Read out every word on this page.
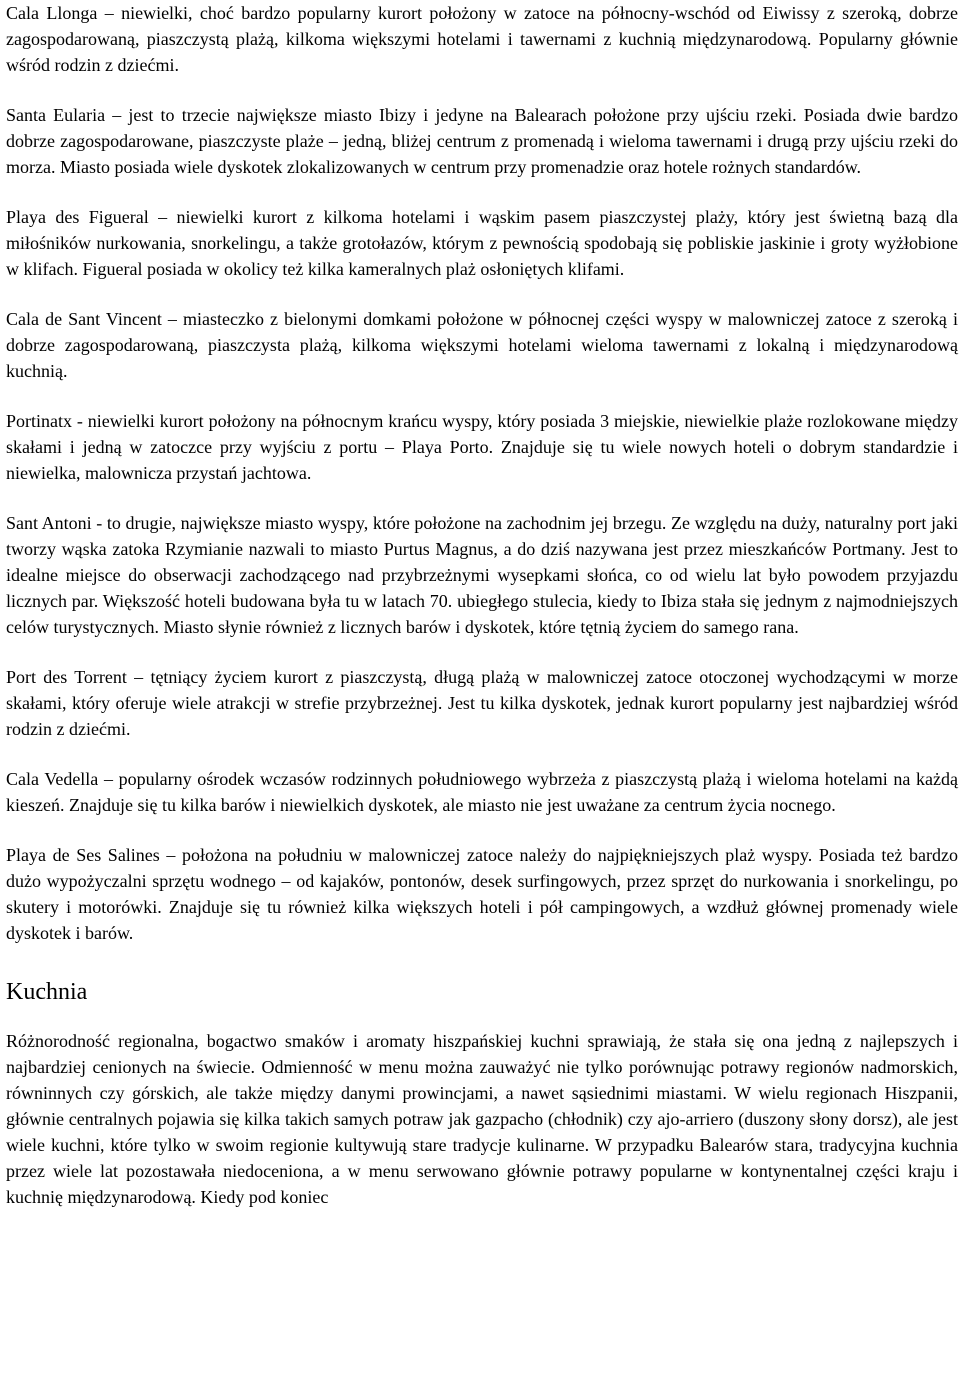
Cala Llonga – niewielki, choć bardzo popularny kurort położony w zatoce na północny-wschód od Eiwissy z szeroką, dobrze zagospodarowaną, piaszczystą plażą, kilkoma większymi hotelami i tawernami z kuchnią międzynarodową. Popularny głównie wśród rodzin z dziećmi.

Santa Eularia – jest to trzecie największe miasto Ibizy i jedyne na Balearach położone przy ujściu rzeki. Posiada dwie bardzo dobrze zagospodarowane, piaszczyste plaże – jedną, bliżej centrum z promenadą i wieloma tawernami i drugą przy ujściu rzeki do morza. Miasto posiada wiele dyskotek zlokalizowanych w centrum przy promenadzie oraz hotele rożnych standardów.

Playa des Figueral – niewielki kurort z kilkoma hotelami i wąskim pasem piaszczystej plaży, który jest świetną bazą dla miłośników nurkowania, snorkelingu, a także grotołazów, którym z pewnością spodobają się pobliskie jaskinie i groty wyżłobione w klifach. Figueral posiada w okolicy też kilka kameralnych plaż osłoniętych klifami.

Cala de Sant Vincent – miasteczko z bielonymi domkami położone w północnej części wyspy w malowniczej zatoce z szeroką i dobrze zagospodarowaną, piaszczysta plażą, kilkoma większymi hotelami wieloma tawernami z lokalną i międzynarodową kuchnią.

Portinatx - niewielki kurort położony na północnym krańcu wyspy, który posiada 3 miejskie, niewielkie plaże rozlokowane między skałami i jedną w zatoczce przy wyjściu z portu – Playa Porto. Znajduje się tu wiele nowych hoteli o dobrym standardzie i niewielka, malownicza przystań jachtowa.

Sant Antoni - to drugie, największe miasto wyspy, które położone na zachodnim jej brzegu. Ze względu na duży, naturalny port jaki tworzy wąska zatoka Rzymianie nazwali to miasto Purtus Magnus, a do dziś nazywana jest przez mieszkańców Portmany. Jest to idealne miejsce do obserwacji zachodzącego nad przybrzeżnymi wysepkami słońca, co od wielu lat było powodem przyjazdu licznych par. Większość hoteli budowana była tu w latach 70. ubiegłego stulecia, kiedy to Ibiza stała się jednym z najmodniejszych celów turystycznych. Miasto słynie również z licznych barów i dyskotek, które tętnią życiem do samego rana.

Port des Torrent – tętniący życiem kurort z piaszczystą, długą plażą w malowniczej zatoce otoczonej wychodzącymi w morze skałami, który oferuje wiele atrakcji w strefie przybrzeżnej. Jest tu kilka dyskotek, jednak kurort popularny jest najbardziej wśród rodzin z dziećmi.

Cala Vedella – popularny ośrodek wczasów rodzinnych południowego wybrzeża z piaszczystą plażą i wieloma hotelami na każdą kieszeń. Znajduje się tu kilka barów i niewielkich dyskotek, ale miasto nie jest uważane za centrum życia nocnego.

Playa de Ses Salines – położona na południu w malowniczej zatoce należy do najpiękniejszych plaż wyspy. Posiada też bardzo dużo wypożyczalni sprzętu wodnego – od kajaków, pontonów, desek surfingowych, przez sprzęt do nurkowania i snorkelingu, po skutery i motorówki. Znajduje się tu również kilka większych hoteli i pół campingowych, a wzdłuż głównej promenady wiele dyskotek i barów.

Kuchnia

Różnorodność regionalna, bogactwo smaków i aromaty hiszpańskiej kuchni sprawiają, że stała się ona jedną z najlepszych i najbardziej cenionych na świecie. Odmienność w menu można zauważyć nie tylko porównując potrawy regionów nadmorskich, równinnych czy górskich, ale także między danymi prowincjami, a nawet sąsiednimi miastami. W wielu regionach Hiszpanii, głównie centralnych pojawia się kilka takich samych potraw jak gazpacho (chłodnik) czy ajo-arriero (duszony słony dorsz), ale jest wiele kuchni, które tylko w swoim regionie kultywują stare tradycje kulinarne. W przypadku Balearów stara, tradycyjna kuchnia przez wiele lat pozostawała niedoceniona, a w menu serwowano głównie potrawy popularne w kontynentalnej części kraju i kuchnię międzynarodową. Kiedy pod koniec
